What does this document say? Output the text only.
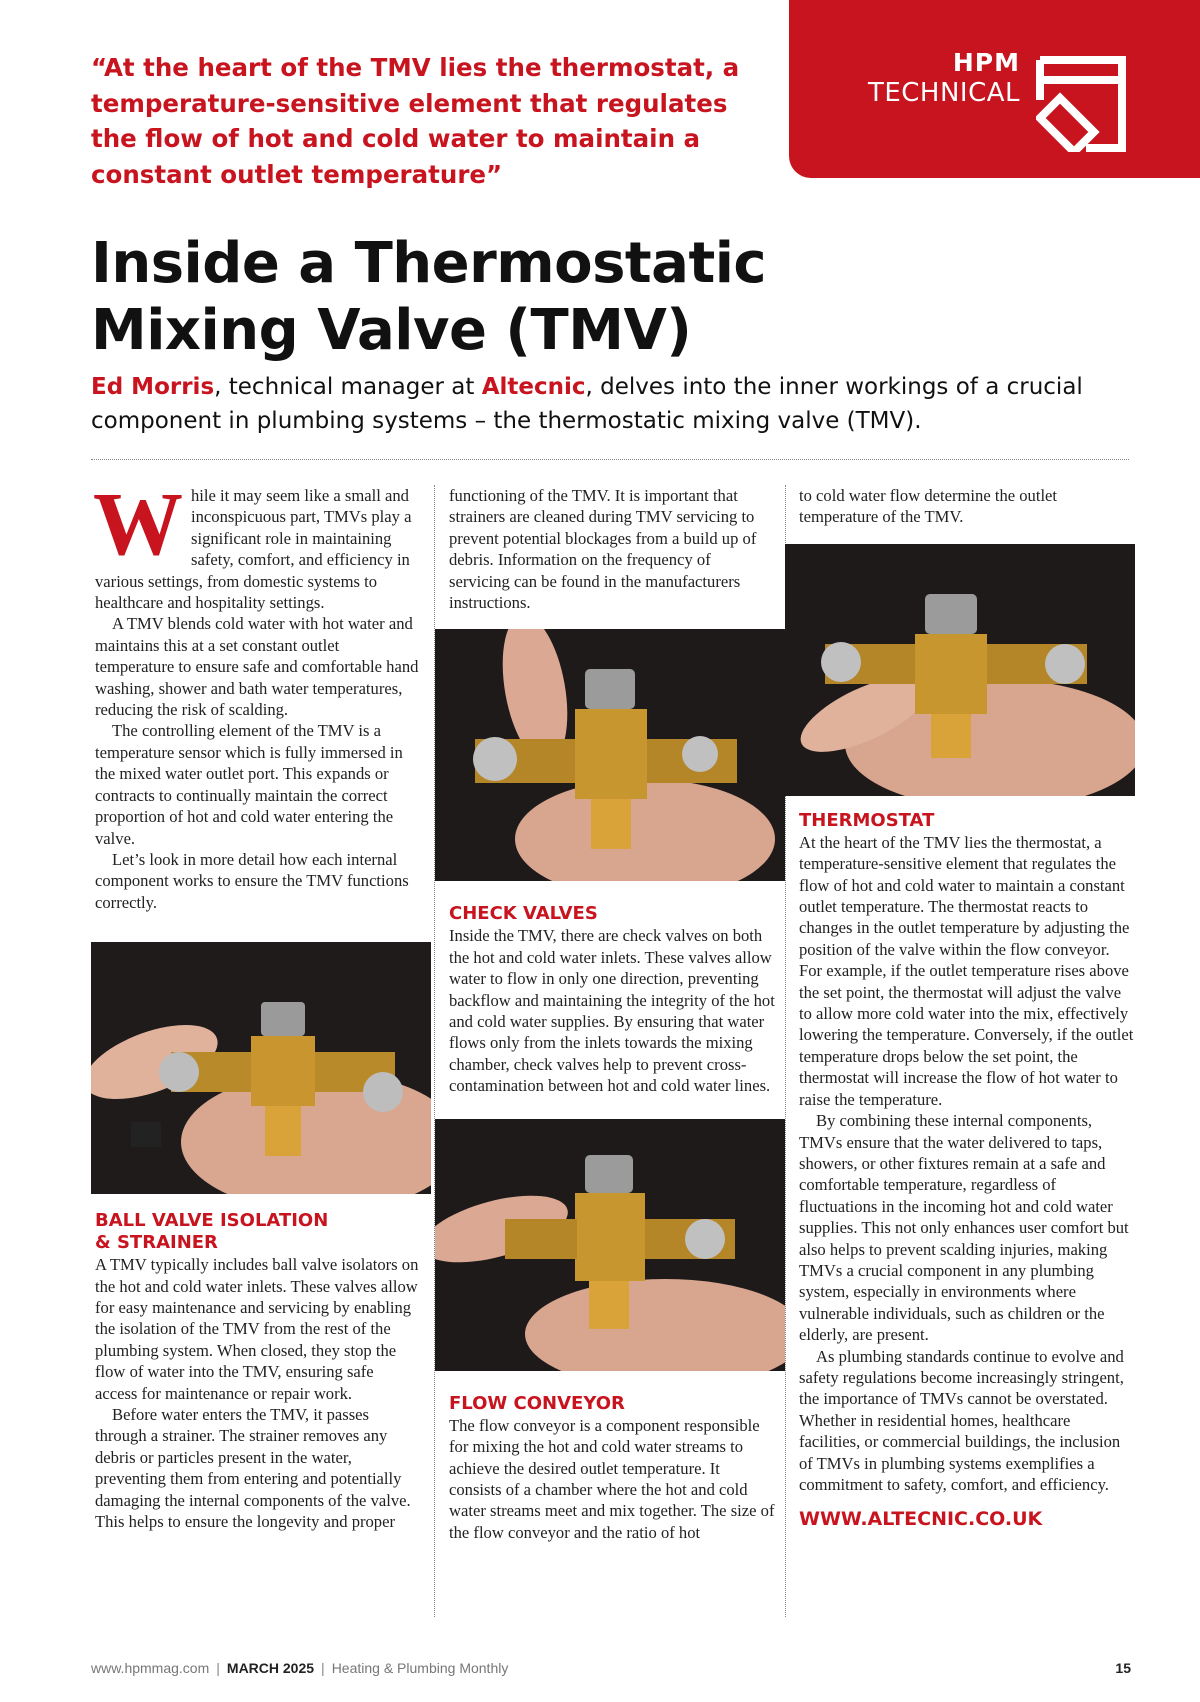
HPM
TECHNICAL

“At the heart of the TMV lies the thermostat, a temperature-sensitive element that regulates the flow of hot and cold water to maintain a constant outlet temperature”

Inside a Thermostatic
Mixing Valve (TMV)

Ed Morris, technical manager at Altecnic, delves into the inner workings of a crucial component in plumbing systems – the thermostatic mixing valve (TMV).

W hile it may seem like a small and inconspicuous part, TMVs play a significant role in maintaining safety, comfort, and efficiency in various settings, from domestic systems to healthcare and hospitality settings.

A TMV blends cold water with hot water and maintains this at a set constant outlet temperature to ensure safe and comfortable hand washing, shower and bath water temperatures, reducing the risk of scalding.

The controlling element of the TMV is a temperature sensor which is fully immersed in the mixed water outlet port. This expands or contracts to continually maintain the correct proportion of hot and cold water entering the valve.

Let’s look in more detail how each internal component works to ensure the TMV functions correctly.

BALL VALVE ISOLATION
& STRAINER

A TMV typically includes ball valve isolators on the hot and cold water inlets. These valves allow for easy maintenance and servicing by enabling the isolation of the TMV from the rest of the plumbing system. When closed, they stop the flow of water into the TMV, ensuring safe access for maintenance or repair work.

Before water enters the TMV, it passes through a strainer. The strainer removes any debris or particles present in the water, preventing them from entering and potentially damaging the internal components of the valve. This helps to ensure the longevity and proper

functioning of the TMV. It is important that strainers are cleaned during TMV servicing to prevent potential blockages from a build up of debris. Information on the frequency of servicing can be found in the manufacturers instructions.

CHECK VALVES

Inside the TMV, there are check valves on both the hot and cold water inlets. These valves allow water to flow in only one direction, preventing backflow and maintaining the integrity of the hot and cold water supplies. By ensuring that water flows only from the inlets towards the mixing chamber, check valves help to prevent cross-contamination between hot and cold water lines.

FLOW CONVEYOR

The flow conveyor is a component responsible for mixing the hot and cold water streams to achieve the desired outlet temperature. It consists of a chamber where the hot and cold water streams meet and mix together. The size of the flow conveyor and the ratio of hot

to cold water flow determine the outlet temperature of the TMV.

THERMOSTAT

At the heart of the TMV lies the thermostat, a temperature-sensitive element that regulates the flow of hot and cold water to maintain a constant outlet temperature. The thermostat reacts to changes in the outlet temperature by adjusting the position of the valve within the flow conveyor. For example, if the outlet temperature rises above the set point, the thermostat will adjust the valve to allow more cold water into the mix, effectively lowering the temperature. Conversely, if the outlet temperature drops below the set point, the thermostat will increase the flow of hot water to raise the temperature.

By combining these internal components, TMVs ensure that the water delivered to taps, showers, or other fixtures remain at a safe and comfortable temperature, regardless of fluctuations in the incoming hot and cold water supplies. This not only enhances user comfort but also helps to prevent scalding injuries, making TMVs a crucial component in any plumbing system, especially in environments where vulnerable individuals, such as children or the elderly, are present.

As plumbing standards continue to evolve and safety regulations become increasingly stringent, the importance of TMVs cannot be overstated. Whether in residential homes, healthcare facilities, or commercial buildings, the inclusion of TMVs in plumbing systems exemplifies a commitment to safety, comfort, and efficiency.

WWW.ALTECNIC.CO.UK

www.hpmmag.com | MARCH 2025 | Heating & Plumbing Monthly	15
